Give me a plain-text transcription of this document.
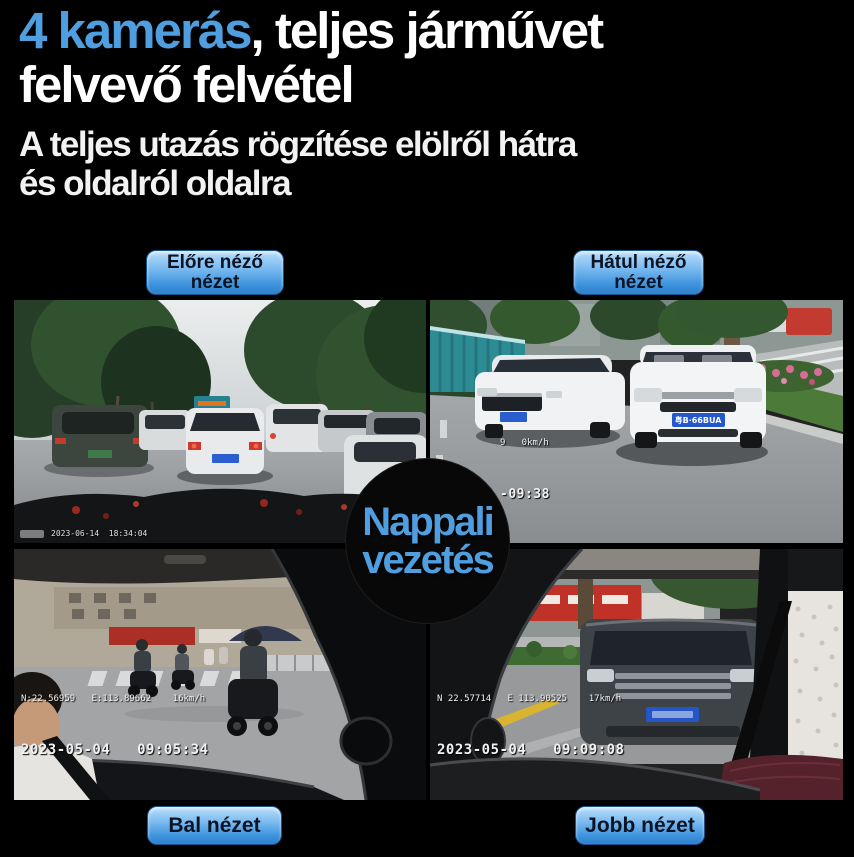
4 kamerás, teljes járművet
felvevő felvétel
A teljes utazás rögzítése elölről hátra
és oldalról oldalra
Előre néző
nézet
Hátul néző
nézet
Bal nézet	Jobb nézet
2023-06-14  18:34:04
粤B·66BUA

9   0km/h

-09:38

N:22.56959   E:113.89662    16km/h

2023-05-04   09:05:34

N 22.57714   E 113.90525    17km/h

2023-05-04   09:09:08

Nappali
vezetés
